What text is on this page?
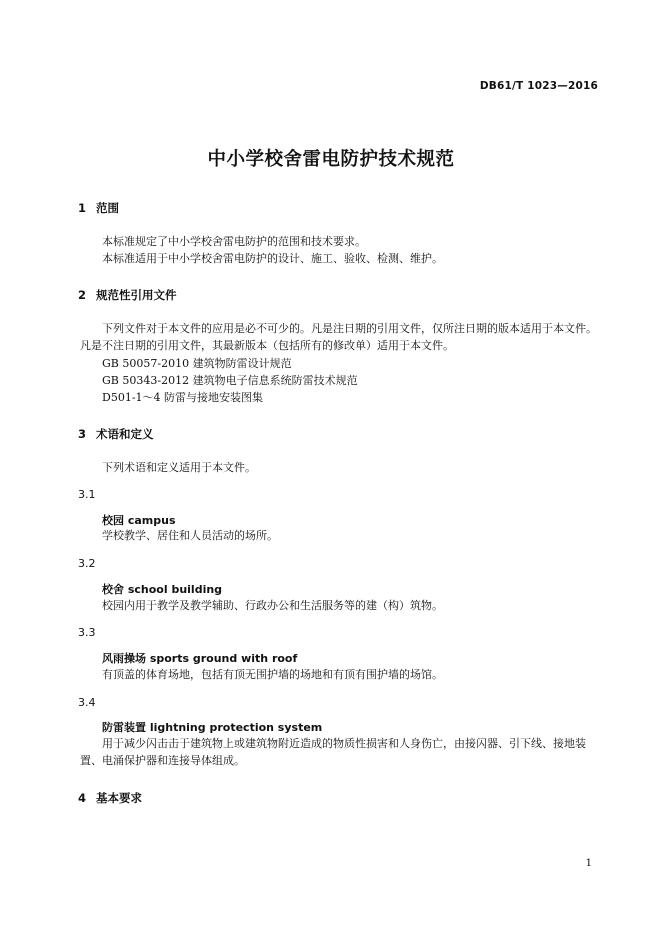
DB61/T 1023—2016
中小学校舍雷电防护技术规范
1 范围
本标准规定了中小学校舍雷电防护的范围和技术要求。
本标准适用于中小学校舍雷电防护的设计、施工、验收、检测、维护。
2 规范性引用文件
下列文件对于本文件的应用是必不可少的。凡是注日期的引用文件，仅所注日期的版本适用于本文件。凡是不注日期的引用文件，其最新版本（包括所有的修改单）适用于本文件。
GB 50057-2010 建筑物防雷设计规范
GB 50343-2012 建筑物电子信息系统防雷技术规范
D501-1～4 防雷与接地安装图集
3 术语和定义
下列术语和定义适用于本文件。
3.1
校园 campus
学校教学、居住和人员活动的场所。
3.2
校舍 school building
校园内用于教学及教学辅助、行政办公和生活服务等的建（构）筑物。
3.3
风雨操场 sports ground with roof
有顶盖的体育场地，包括有顶无围护墙的场地和有顶有围护墙的场馆。
3.4
防雷装置 lightning protection system
用于减少闪击击于建筑物上或建筑物附近造成的物质性损害和人身伤亡，由接闪器、引下线、接地装置、电涌保护器和连接导体组成。
4 基本要求
1
